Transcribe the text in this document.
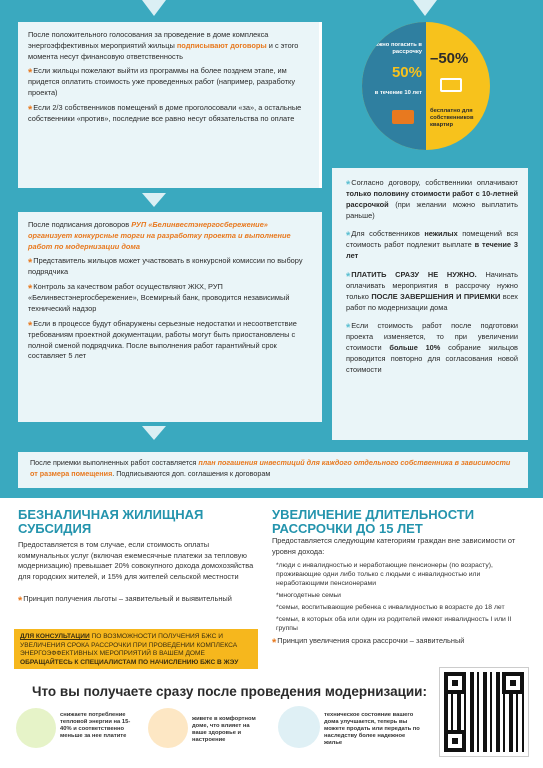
После положительного голосования за проведение в доме комплекса энергоэффективных мероприятий жильцы подписывают договоры и с этого момента несут финансовую ответственность
*Если жильцы пожелают выйти из программы на более позднем этапе, им придется оплатить стоимость уже проведенных работ (например, разработку проекта)
*Если 2/3 собственников помещений в доме проголосовали «за», а остальные собственники «против», последние все равно несут обязательства по оплате
После подписания договоров РУП «Белинвестэнергосбережение» организует конкурсные торги на разработку проекта и выполнение работ по модернизации дома
*Представитель жильцов может участвовать в конкурсной комиссии по выбору подрядчика
*Контроль за качеством работ осуществляют ЖКХ, РУП «Белинвестэнергосбережение», Всемирный банк, проводится независимый технический надзор
*Если в процессе будут обнаружены серьезные недостатки и несоответствие требованиям проектной документации, работы могут быть приостановлены с полной сменой подрядчика. После выполнения работ гарантийный срок составляет 5 лет
можно погасить в рассрочку
50%
в течение 10 лет
–50%
бесплатно для собственников квартир
*Согласно договору, собственники оплачивают только половину стоимости работ с 10-летней рассрочкой (при желании можно выплатить раньше)
*Для собственников нежилых помещений вся стоимость работ подлежит выплате в течение 3 лет
*ПЛАТИТЬ СРАЗУ НЕ НУЖНО. Начинать оплачивать мероприятия в рассрочку нужно только ПОСЛЕ ЗАВЕРШЕНИЯ И ПРИЕМКИ всех работ по модернизации дома
*Если стоимость работ после подготовки проекта изменяется, то при увеличении стоимости больше 10% собрание жильцов проводится повторно для согласования новой стоимости
После приемки выполненных работ составляется план погашения инвестиций для каждого отдельного собственника в зависимости от размера помещения. Подписываются доп. соглашения к договорам
БЕЗНАЛИЧНАЯ ЖИЛИЩНАЯ СУБСИДИЯ
Предоставляется в том случае, если стоимость оплаты коммунальных услуг (включая ежемесячные платежи за тепловую модернизацию) превышает 20% совокупного дохода домохозяйства для городских жителей, и 15% для жителей сельской местности
*Принцип получения льготы – заявительный и выявительный
ДЛЯ КОНСУЛЬТАЦИИ ПО ВОЗМОЖНОСТИ ПОЛУЧЕНИЯ БЖС И УВЕЛИЧЕНИЯ СРОКА РАССРОЧКИ ПРИ ПРОВЕДЕНИИ КОМПЛЕКСА ЭНЕРГОЭФФЕКТИВНЫХ МЕРОПРИЯТИЙ В ВАШЕМ ДОМЕ ОБРАЩАЙТЕСЬ К СПЕЦИАЛИСТАМ ПО НАЧИСЛЕНИЮ БЖС В ЖЭУ
УВЕЛИЧЕНИЕ ДЛИТЕЛЬНОСТИ РАССРОЧКИ ДО 15 ЛЕТ
Предоставляется следующим категориям граждан вне зависимости от уровня дохода:
*люди с инвалидностью и неработающие пенсионеры (по возрасту), проживающие одни либо только с людьми с инвалидностью или неработающими пенсионерами
*многодетные семьи
*семьи, воспитывающие ребенка с инвалидностью в возрасте до 18 лет
*семьи, в которых оба или один из родителей имеют инвалидность I или II группы
*Принцип увеличения срока рассрочки – заявительный
Что вы получаете сразу после проведения модернизации:
снижаете потребление тепловой энергии на 15-40% и соответственно меньше за нее платите
живете в комфортном доме, что влияет на ваше здоровье и настроение
техническое состояние вашего дома улучшается, теперь вы можете продать или передать по наследству более надежное жилье
